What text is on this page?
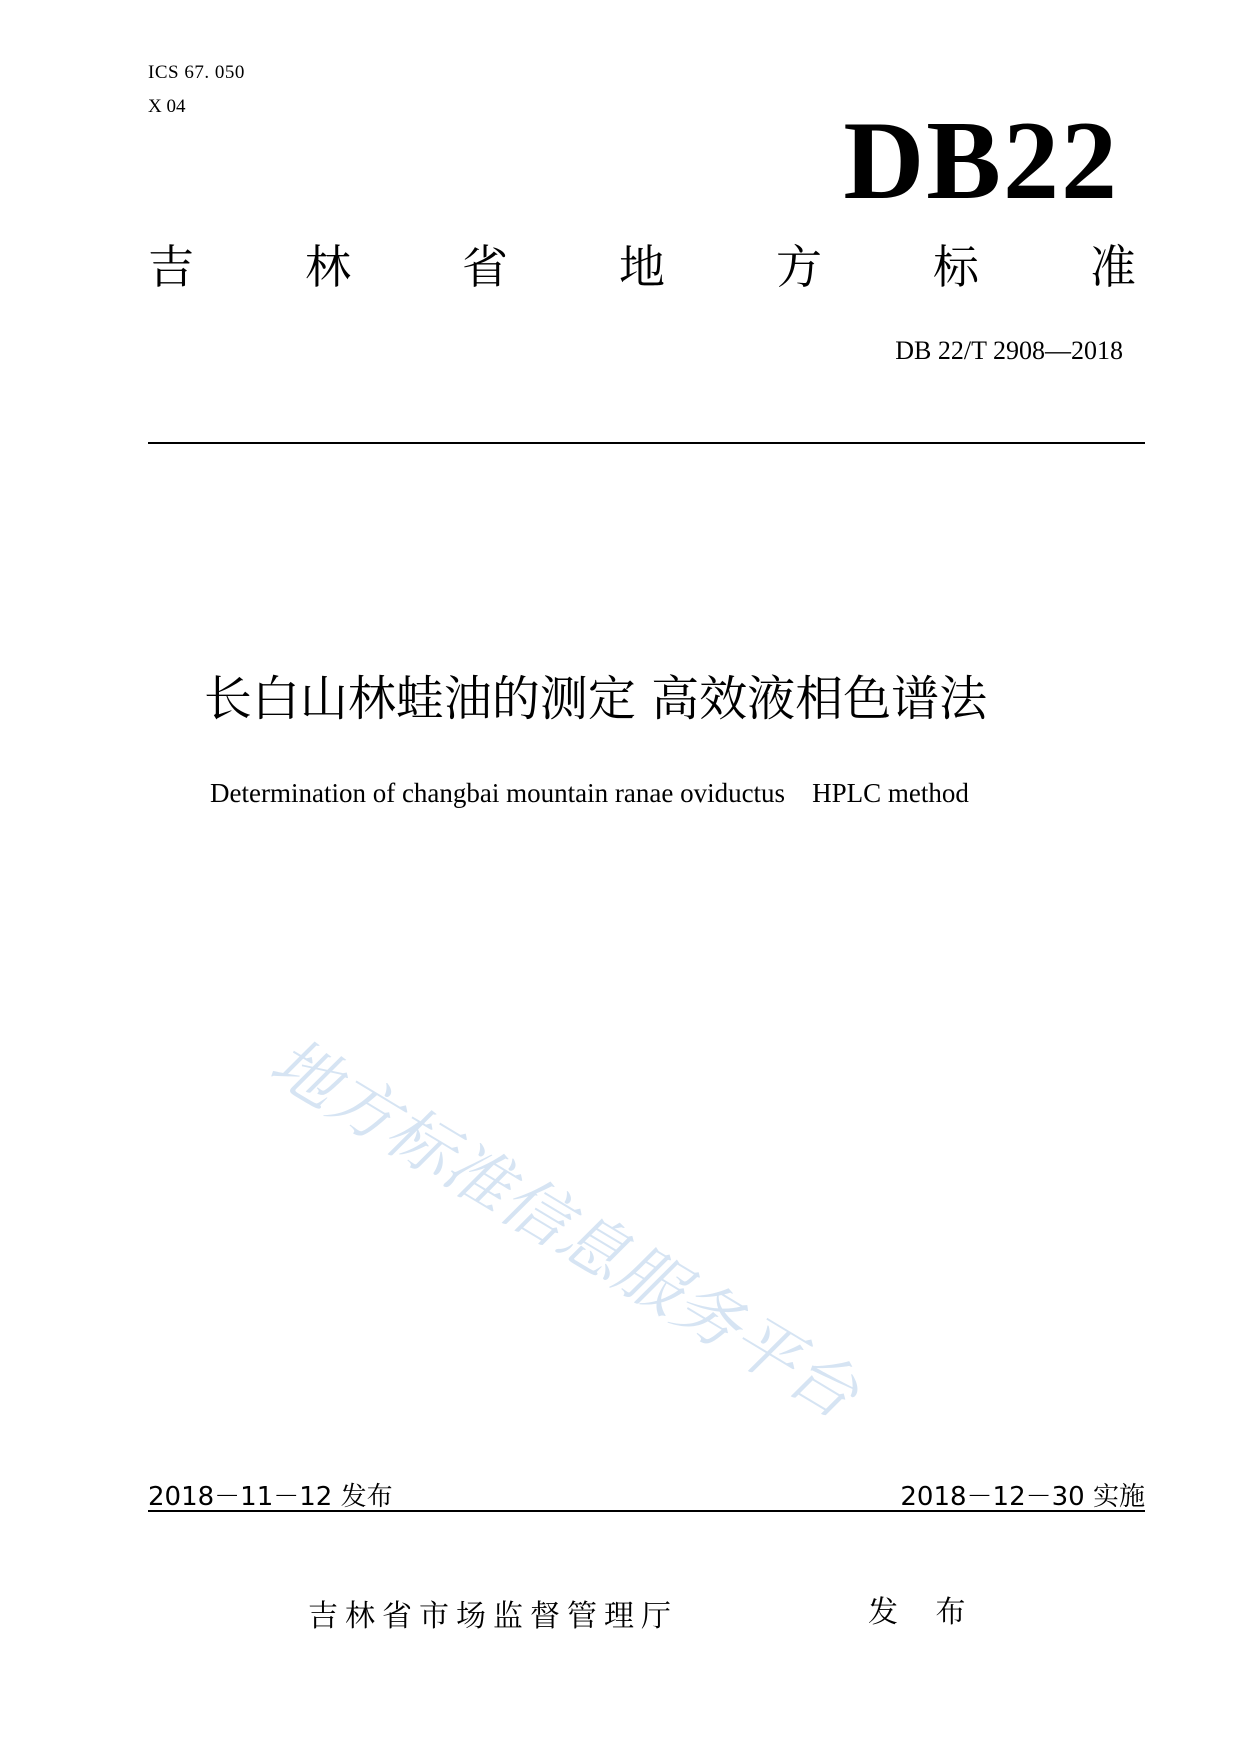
ICS 67. 050
X 04	DB22
吉 林 省 地 方 标 准
DB 22/T 2908—2018
长白山林蛙油的测定 高效液相色谱法
Determination of changbai mountain ranae oviductus    HPLC method
地方标准信息服务平台
2018－11－12 发布	2018－12－30 实施
吉林省市场监督管理厅	发 布
